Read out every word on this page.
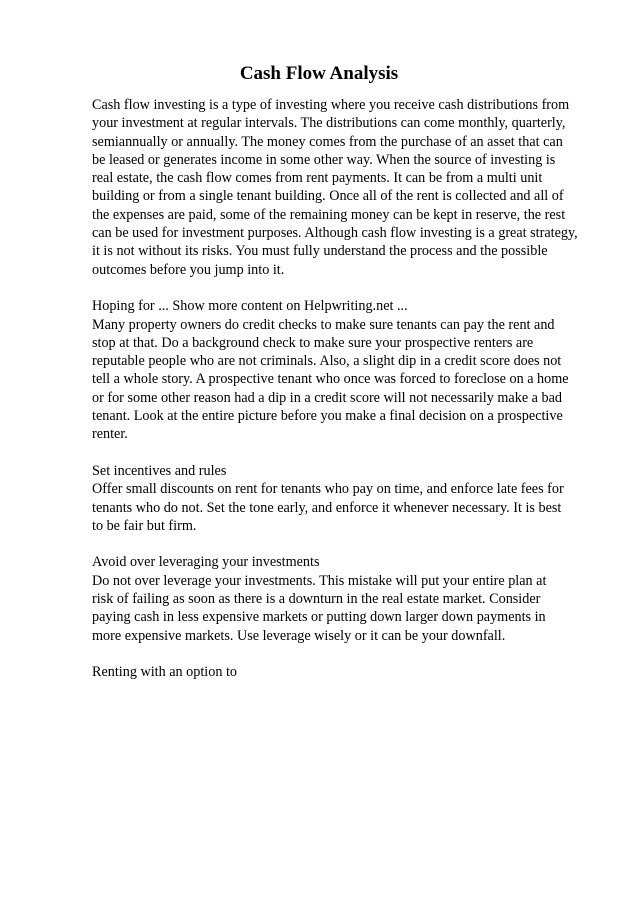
Cash Flow Analysis
Cash flow investing is a type of investing where you receive cash distributions from
your investment at regular intervals. The distributions can come monthly, quarterly,
semiannually or annually. The money comes from the purchase of an asset that can
be leased or generates income in some other way. When the source of investing is
real estate, the cash flow comes from rent payments. It can be from a multi unit
building or from a single tenant building. Once all of the rent is collected and all of
the expenses are paid, some of the remaining money can be kept in reserve, the rest
can be used for investment purposes. Although cash flow investing is a great strategy,
it is not without its risks. You must fully understand the process and the possible
outcomes before you jump into it.
Hoping for ... Show more content on Helpwriting.net ...
Many property owners do credit checks to make sure tenants can pay the rent and
stop at that. Do a background check to make sure your prospective renters are
reputable people who are not criminals. Also, a slight dip in a credit score does not
tell a whole story. A prospective tenant who once was forced to foreclose on a home
or for some other reason had a dip in a credit score will not necessarily make a bad
tenant. Look at the entire picture before you make a final decision on a prospective
renter.
Set incentives and rules
Offer small discounts on rent for tenants who pay on time, and enforce late fees for
tenants who do not. Set the tone early, and enforce it whenever necessary. It is best
to be fair but firm.
Avoid over leveraging your investments
Do not over leverage your investments. This mistake will put your entire plan at
risk of failing as soon as there is a downturn in the real estate market. Consider
paying cash in less expensive markets or putting down larger down payments in
more expensive markets. Use leverage wisely or it can be your downfall.
Renting with an option to
